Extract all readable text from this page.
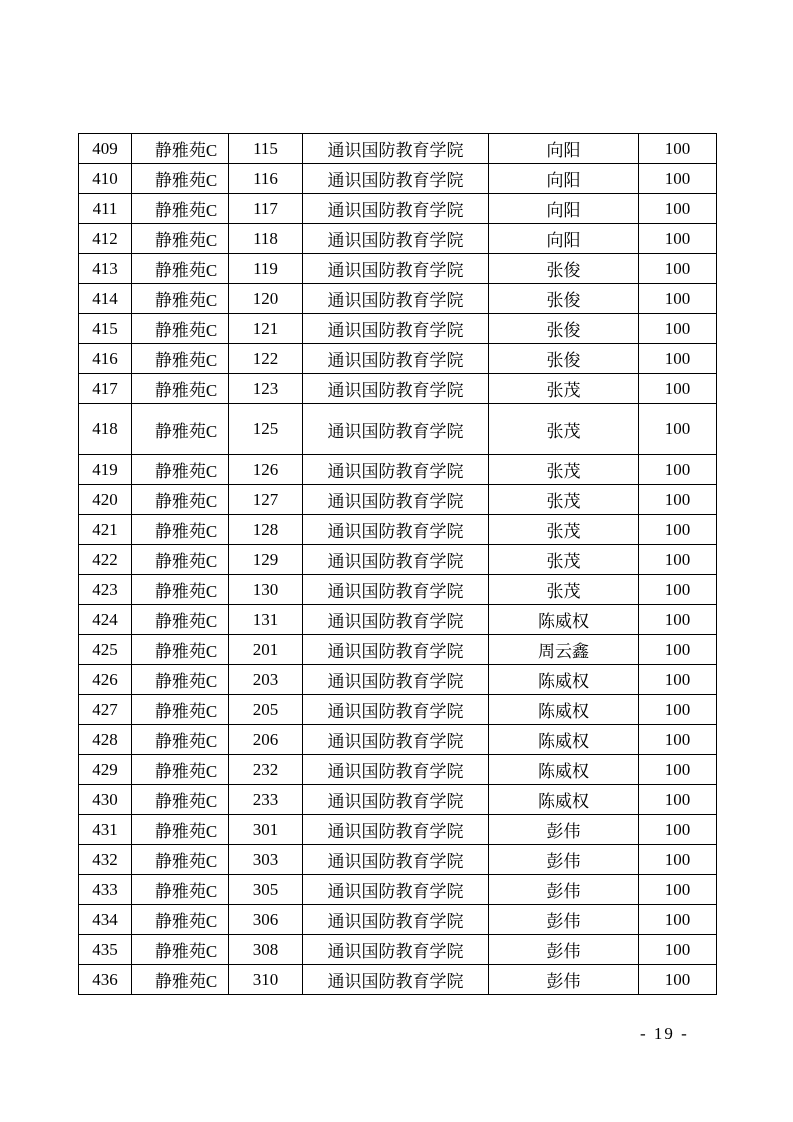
409	静雅苑C	115	通识国防教育学院	向阳	100
410	静雅苑C	116	通识国防教育学院	向阳	100
411	静雅苑C	117	通识国防教育学院	向阳	100
412	静雅苑C	118	通识国防教育学院	向阳	100
413	静雅苑C	119	通识国防教育学院	张俊	100
414	静雅苑C	120	通识国防教育学院	张俊	100
415	静雅苑C	121	通识国防教育学院	张俊	100
416	静雅苑C	122	通识国防教育学院	张俊	100
417	静雅苑C	123	通识国防教育学院	张茂	100
418	静雅苑C	125	通识国防教育学院	张茂	100
419	静雅苑C	126	通识国防教育学院	张茂	100
420	静雅苑C	127	通识国防教育学院	张茂	100
421	静雅苑C	128	通识国防教育学院	张茂	100
422	静雅苑C	129	通识国防教育学院	张茂	100
423	静雅苑C	130	通识国防教育学院	张茂	100
424	静雅苑C	131	通识国防教育学院	陈威权	100
425	静雅苑C	201	通识国防教育学院	周云鑫	100
426	静雅苑C	203	通识国防教育学院	陈威权	100
427	静雅苑C	205	通识国防教育学院	陈威权	100
428	静雅苑C	206	通识国防教育学院	陈威权	100
429	静雅苑C	232	通识国防教育学院	陈威权	100
430	静雅苑C	233	通识国防教育学院	陈威权	100
431	静雅苑C	301	通识国防教育学院	彭伟	100
432	静雅苑C	303	通识国防教育学院	彭伟	100
433	静雅苑C	305	通识国防教育学院	彭伟	100
434	静雅苑C	306	通识国防教育学院	彭伟	100
435	静雅苑C	308	通识国防教育学院	彭伟	100
436	静雅苑C	310	通识国防教育学院	彭伟	100
- 19 -
